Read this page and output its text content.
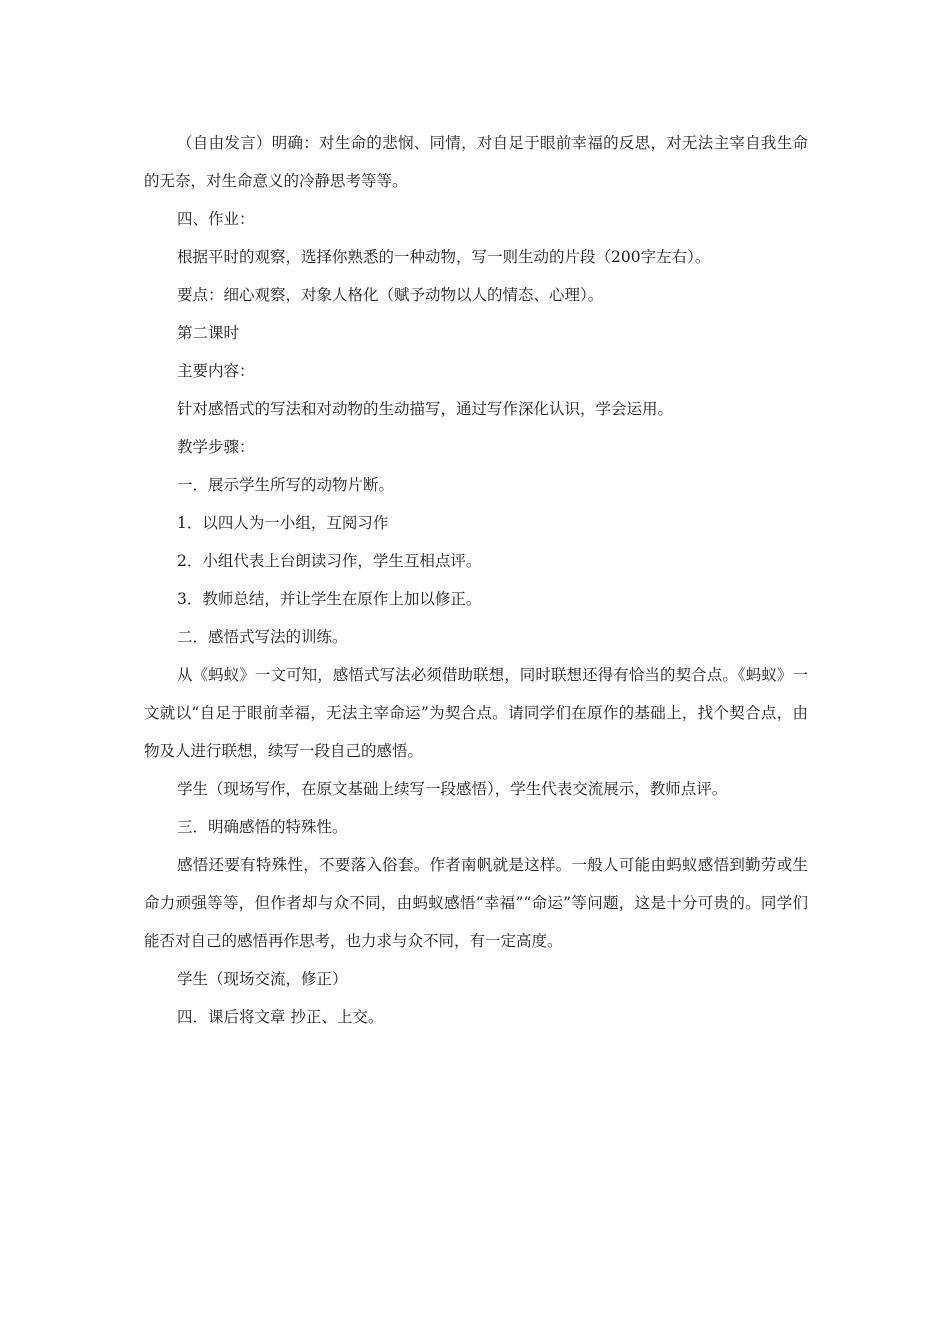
（自由发言）明确：对生命的悲悯、同情，对自足于眼前幸福的反思，对无法主宰自我生命的无奈，对生命意义的冷静思考等等。

四、作业：

根据平时的观察，选择你熟悉的一种动物，写一则生动的片段（200字左右）。

要点：细心观察，对象人格化（赋予动物以人的情态、心理）。

第二课时

主要内容：

针对感悟式的写法和对动物的生动描写，通过写作深化认识，学会运用。

教学步骤：

一．展示学生所写的动物片断。

1．以四人为一小组，互阅习作

2．小组代表上台朗读习作，学生互相点评。

3．教师总结，并让学生在原作上加以修正。

二．感悟式写法的训练。

从《蚂蚁》一文可知，感悟式写法必须借助联想，同时联想还得有恰当的契合点。《蚂蚁》一文就以“自足于眼前幸福，无法主宰命运”为契合点。请同学们在原作的基础上，找个契合点，由物及人进行联想，续写一段自己的感悟。

学生（现场写作，在原文基础上续写一段感悟），学生代表交流展示，教师点评。

三．明确感悟的特殊性。

感悟还要有特殊性，不要落入俗套。作者南帆就是这样。一般人可能由蚂蚁感悟到勤劳或生命力顽强等等，但作者却与众不同，由蚂蚁感悟“幸福”“命运”等问题，这是十分可贵的。同学们能否对自己的感悟再作思考，也力求与众不同，有一定高度。

学生（现场交流，修正）

四．课后将文章 抄正、上交。
